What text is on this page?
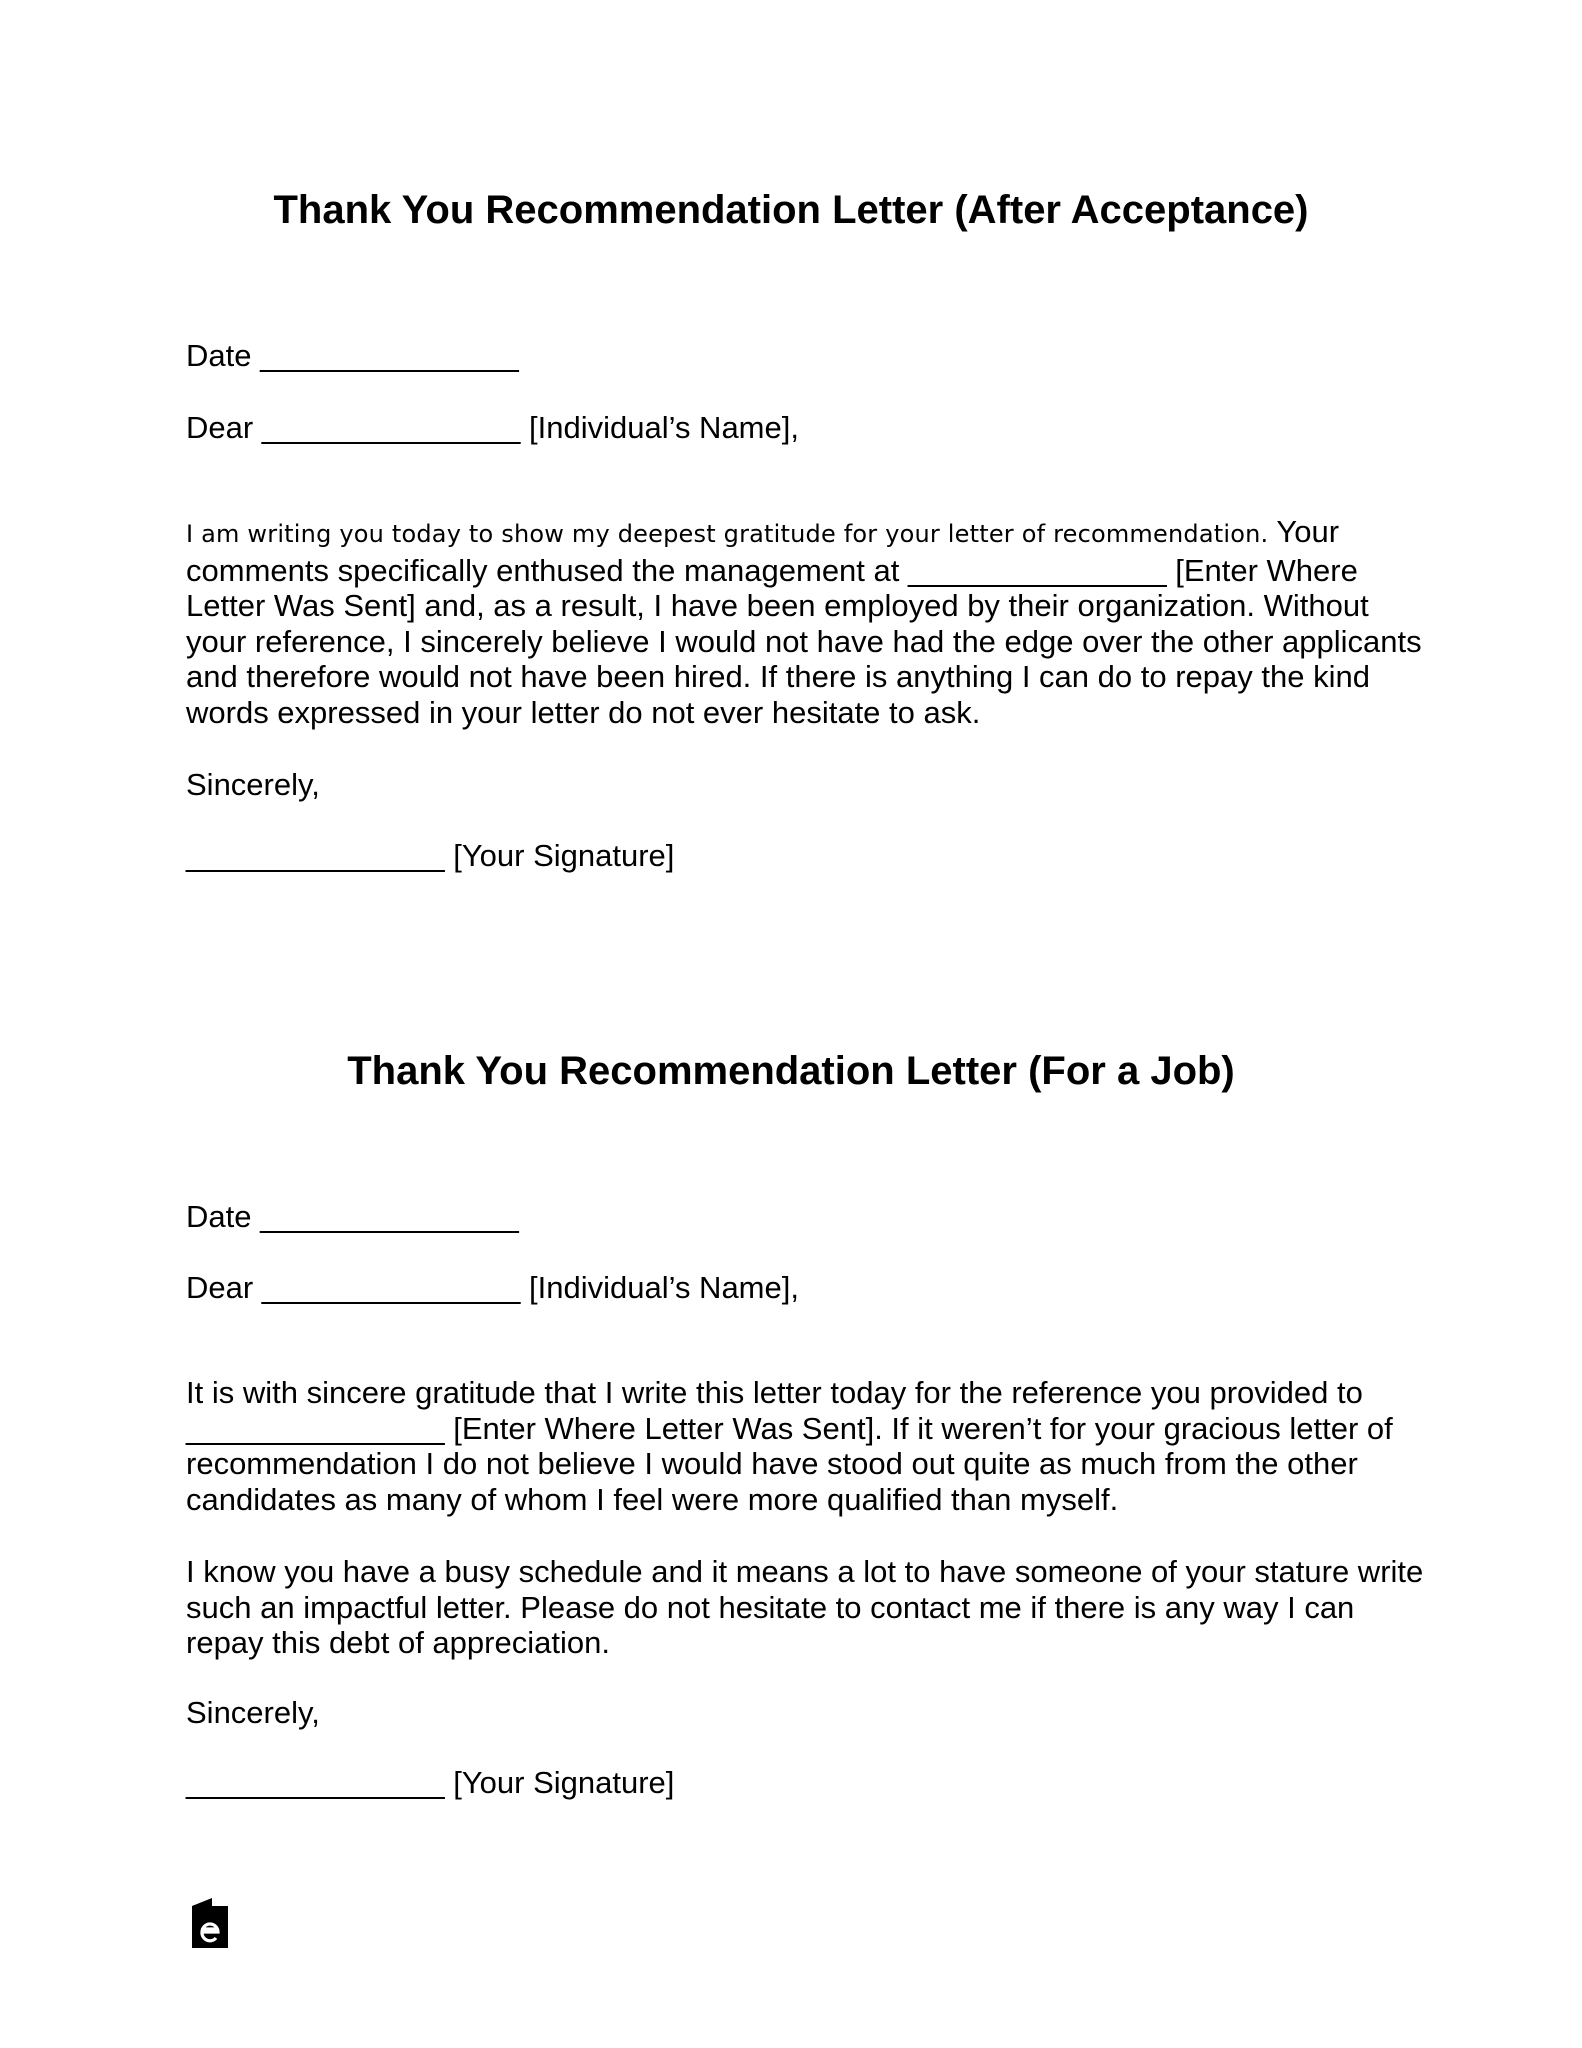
Thank You Recommendation Letter (After Acceptance)

Date _______________

Dear _______________ [Individual’s Name],

I am writing you today to show my deepest gratitude for your letter of recommendation. Your comments specifically enthused the management at _______________ [Enter Where Letter Was Sent] and, as a result, I have been employed by their organization. Without your reference, I sincerely believe I would not have had the edge over the other applicants and therefore would not have been hired. If there is anything I can do to repay the kind words expressed in your letter do not ever hesitate to ask.

Sincerely,

_______________ [Your Signature]

Thank You Recommendation Letter (For a Job)

Date _______________

Dear _______________ [Individual’s Name],

It is with sincere gratitude that I write this letter today for the reference you provided to _______________ [Enter Where Letter Was Sent]. If it weren’t for your gracious letter of recommendation I do not believe I would have stood out quite as much from the other candidates as many of whom I feel were more qualified than myself.

I know you have a busy schedule and it means a lot to have someone of your stature write such an impactful letter. Please do not hesitate to contact me if there is any way I can repay this debt of appreciation.

Sincerely,

_______________ [Your Signature]
